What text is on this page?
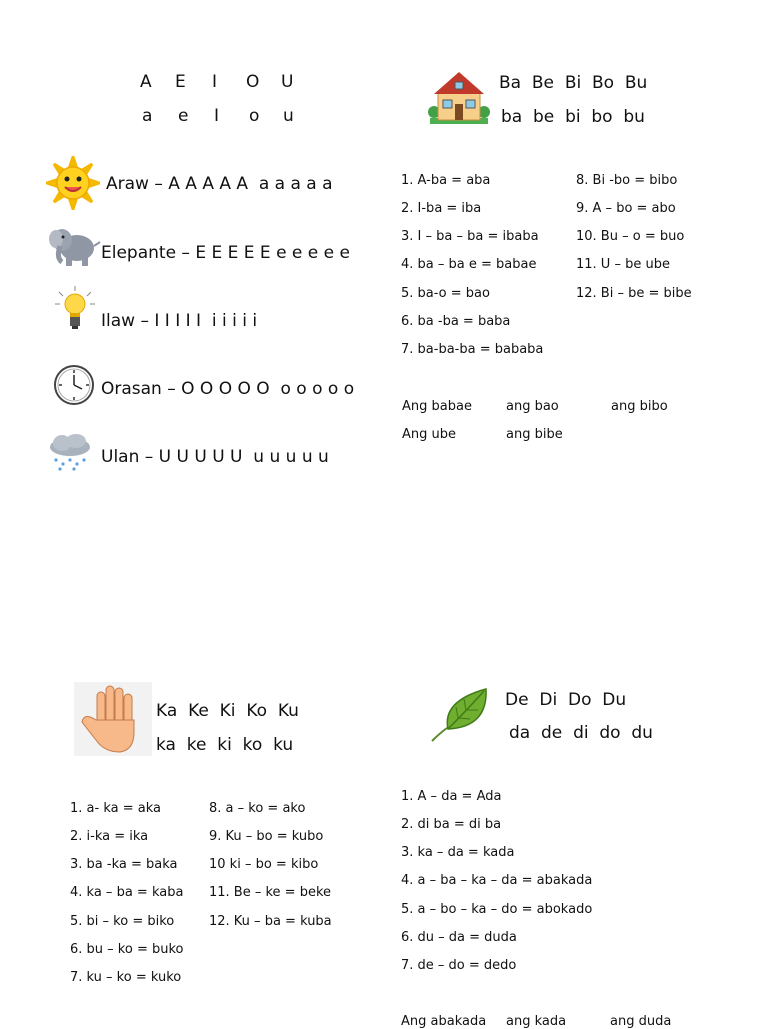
A E I O U
a e I o u
Araw – A A A A A  a a a a a
Elepante – E E E E E e e e e e
Ilaw – I I I I I  i i i i i
Orasan – O O O O O  o o o o o
Ulan – U U U U U  u u u u u
Ba  Be  Bi  Bo  Bu
ba  be  bi  bo  bu
1. A-ba = aba
2. I-ba = iba
3. I – ba – ba = ibaba
4. ba – ba e = babae
5. ba-o = bao
6. ba -ba = baba
7. ba-ba-ba = bababa
8. Bi -bo = bibo
9. A – bo = abo
10. Bu – o = buo
11. U – be ube
12. Bi – be = bibe
Ang babae	ang bao	ang bibo
Ang ube	ang bibe
Ka  Ke  Ki  Ko  Ku
ka  ke  ki  ko  ku
1. a- ka = aka
2. i-ka = ika
3. ba -ka = baka
4. ka – ba = kaba
5. bi – ko = biko
6. bu – ko = buko
7. ku – ko = kuko
8. a – ko = ako
9. Ku – bo = kubo
10 ki – bo = kibo
11. Be – ke = beke
12. Ku – ba = kuba
De  Di  Do  Du
da  de  di  do  du
1. A – da = Ada
2. di ba = di ba
3. ka – da = kada
4. a – ba – ka – da = abakada
5. a – bo – ka – do = abokado
6. du – da = duda
7. de – do = dedo
Ang abakada ang kada	ang duda
